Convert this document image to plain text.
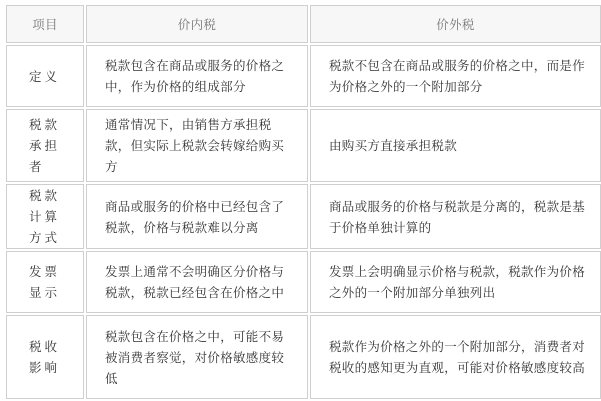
项目	价内税	价外税
定义	税款包含在商品或服务的价格之中，作为价格的组成部分	税款不包含在商品或服务的价格之中，而是作为价格之外的一个附加部分
税款承担者	通常情况下，由销售方承担税款，但实际上税款会转嫁给购买方	由购买方直接承担税款
税款计算方式	商品或服务的价格中已经包含了税款，价格与税款难以分离	商品或服务的价格与税款是分离的，税款是基于价格单独计算的
发票显示	发票上通常不会明确区分价格与税款，税款已经包含在价格之中	发票上会明确显示价格与税款，税款作为价格之外的一个附加部分单独列出
税收影响	税款包含在价格之中，可能不易被消费者察觉，对价格敏感度较低	税款作为价格之外的一个附加部分，消费者对税收的感知更为直观，可能对价格敏感度较高
